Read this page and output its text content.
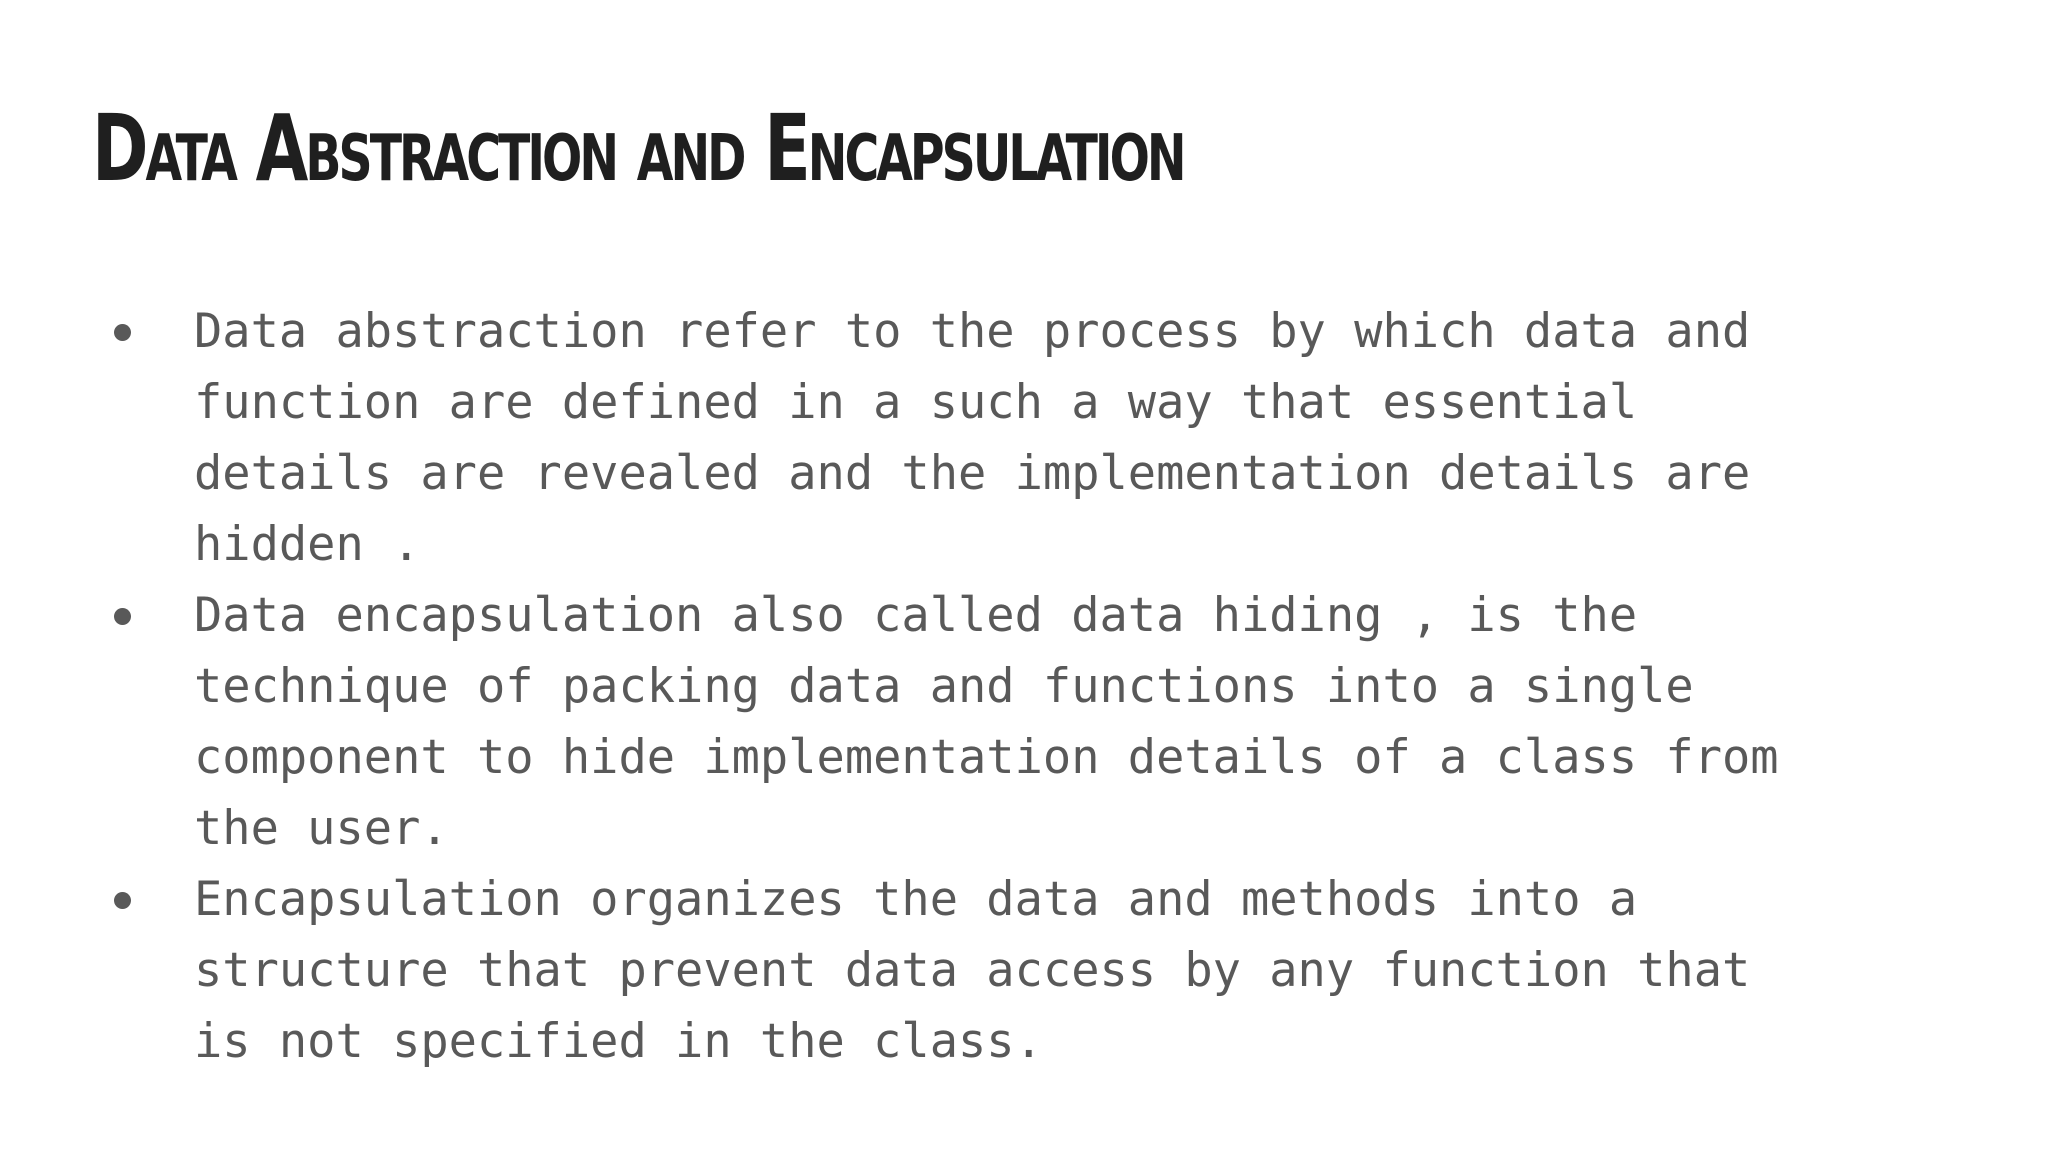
Data Abstraction and Encapsulation
Data abstraction refer to the process by which data and
function are defined in a such a way that essential
details are revealed and the implementation details are
hidden .
Data encapsulation also called data hiding , is the
technique of packing data and functions into a single
component to hide implementation details of a class from
the user.
Encapsulation organizes the data and methods into a
structure that prevent data access by any function that
is not specified in the class.
